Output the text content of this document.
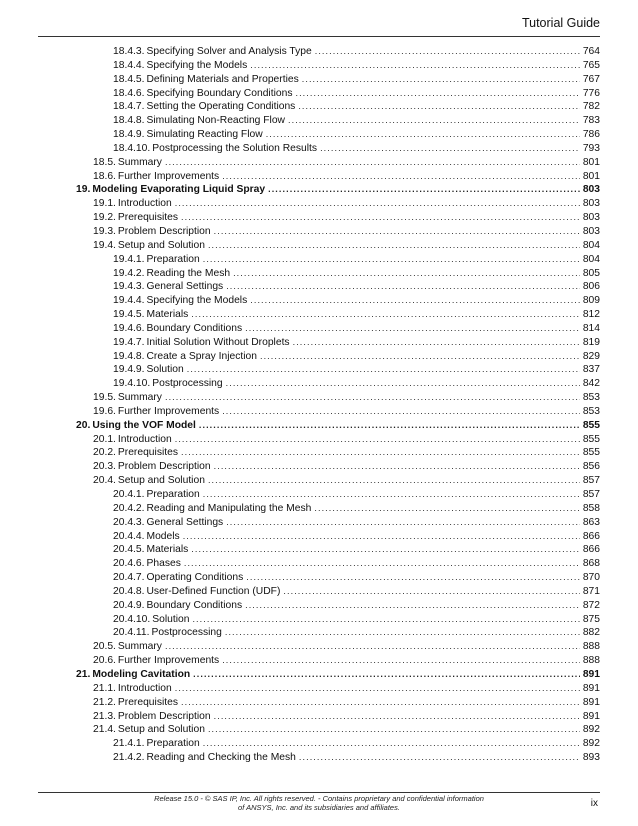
Tutorial Guide
18.4.3. Specifying Solver and Analysis Type .....	764
18.4.4. Specifying the Models .....	765
18.4.5. Defining Materials and Properties .....	767
18.4.6. Specifying Boundary Conditions .....	776
18.4.7. Setting the Operating Conditions .....	782
18.4.8. Simulating Non-Reacting Flow .....	783
18.4.9. Simulating Reacting Flow .....	786
18.4.10. Postprocessing the Solution Results .....	793
18.5. Summary .....	801
18.6. Further Improvements .....	801
19. Modeling Evaporating Liquid Spray .....	803
19.1. Introduction .....	803
19.2. Prerequisites .....	803
19.3. Problem Description .....	803
19.4. Setup and Solution .....	804
19.4.1. Preparation .....	804
19.4.2. Reading the Mesh .....	805
19.4.3. General Settings .....	806
19.4.4. Specifying the Models .....	809
19.4.5. Materials .....	812
19.4.6. Boundary Conditions .....	814
19.4.7. Initial Solution Without Droplets .....	819
19.4.8. Create a Spray Injection .....	829
19.4.9. Solution .....	837
19.4.10. Postprocessing .....	842
19.5. Summary .....	853
19.6. Further Improvements .....	853
20. Using the VOF Model .....	855
20.1. Introduction .....	855
20.2. Prerequisites .....	855
20.3. Problem Description .....	856
20.4. Setup and Solution .....	857
20.4.1. Preparation .....	857
20.4.2. Reading and Manipulating the Mesh .....	858
20.4.3. General Settings .....	863
20.4.4. Models .....	866
20.4.5. Materials .....	866
20.4.6. Phases .....	868
20.4.7. Operating Conditions .....	870
20.4.8. User-Defined Function (UDF) .....	871
20.4.9. Boundary Conditions .....	872
20.4.10. Solution .....	875
20.4.11. Postprocessing .....	882
20.5. Summary .....	888
20.6. Further Improvements .....	888
21. Modeling Cavitation .....	891
21.1. Introduction .....	891
21.2. Prerequisites .....	891
21.3. Problem Description .....	891
21.4. Setup and Solution .....	892
21.4.1. Preparation .....	892
21.4.2. Reading and Checking the Mesh .....	893
Release 15.0 - © SAS IP, Inc. All rights reserved. - Contains proprietary and confidential information
of ANSYS, Inc. and its subsidiaries and affiliates.	ix
